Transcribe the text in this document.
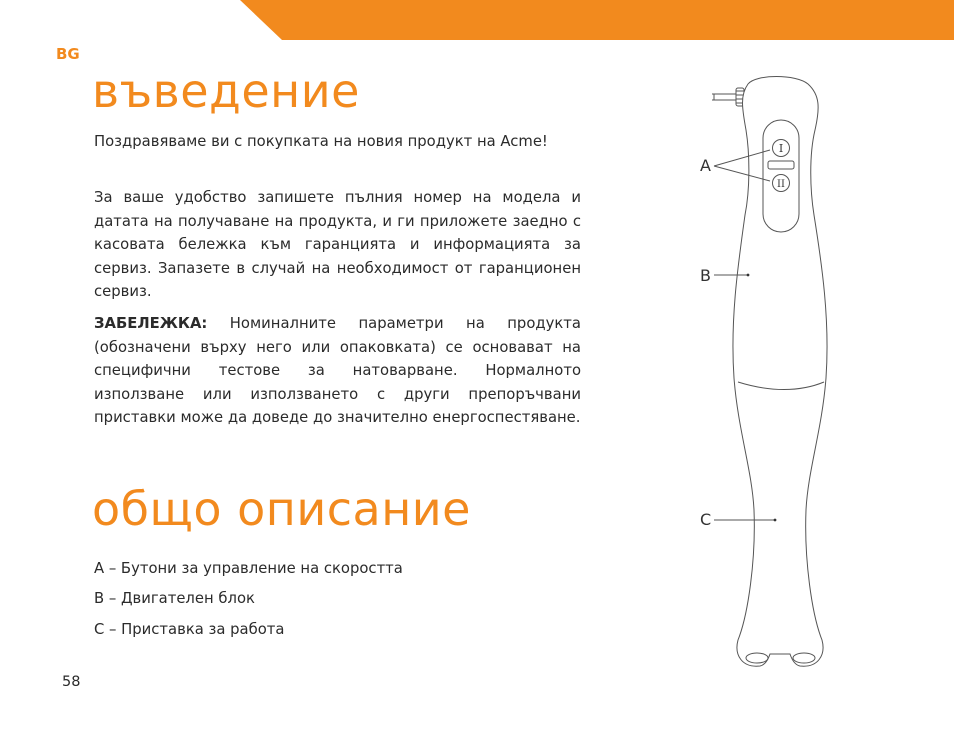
BG
въведение

Поздравяваме ви с покупката на новия продукт на Acme!

За ваше удобство запишете пълния номер на модела и датата на получаване на продукта, и ги приложете заедно с касовата бележка към гаранцията и информацията за сервиз. Запазете в случай на необходимост от гаранционен сервиз.

ЗАБЕЛЕЖКА: Номиналните параметри на продукта (обозначени върху него или опаковката) се основават на специфични тестове за натоварване. Нормалното използване или използването с други препоръчвани приставки може да доведе до значително енергоспестяване.

общо описание

A – Бутони за управление на скоростта

B – Двигателен блок

C – Приставка за работа

58
I
II
A
B
C
